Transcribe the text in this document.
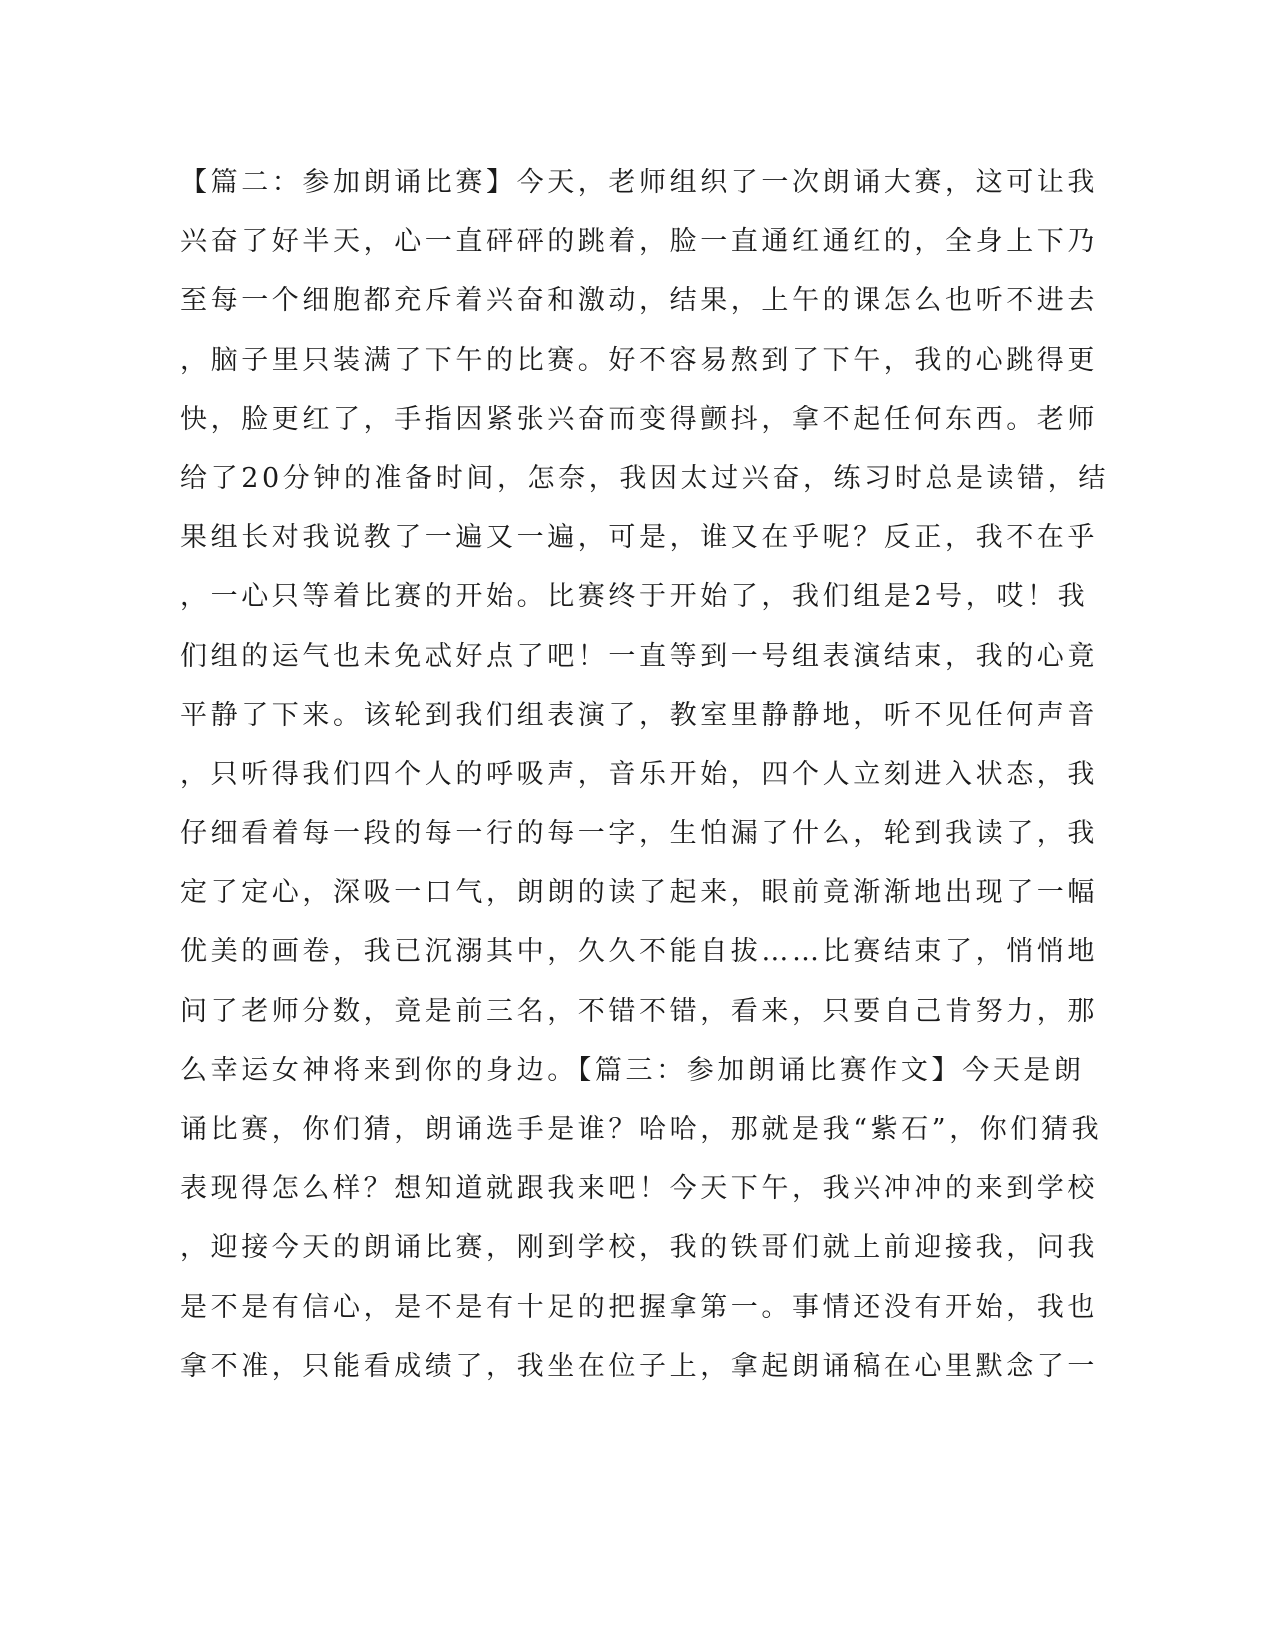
【篇二：参加朗诵比赛】今天，老师组织了一次朗诵大赛，这可让我
兴奋了好半天，心一直砰砰的跳着，脸一直通红通红的，全身上下乃
至每一个细胞都充斥着兴奋和激动，结果，上午的课怎么也听不进去
，脑子里只装满了下午的比赛。好不容易熬到了下午，我的心跳得更
快，脸更红了，手指因紧张兴奋而变得颤抖，拿不起任何东西。老师
给了20分钟的准备时间，怎奈，我因太过兴奋，练习时总是读错，结
果组长对我说教了一遍又一遍，可是，谁又在乎呢？反正，我不在乎
，一心只等着比赛的开始。比赛终于开始了，我们组是2号，哎！我
们组的运气也未免忒好点了吧！一直等到一号组表演结束，我的心竟
平静了下来。该轮到我们组表演了，教室里静静地，听不见任何声音
，只听得我们四个人的呼吸声，音乐开始，四个人立刻进入状态，我
仔细看着每一段的每一行的每一字，生怕漏了什么，轮到我读了，我
定了定心，深吸一口气，朗朗的读了起来，眼前竟渐渐地出现了一幅
优美的画卷，我已沉溺其中，久久不能自拔……比赛结束了，悄悄地
问了老师分数，竟是前三名，不错不错，看来，只要自己肯努力，那
么幸运女神将来到你的身边。【篇三：参加朗诵比赛作文】今天是朗
诵比赛，你们猜，朗诵选手是谁？哈哈，那就是我“紫石”，你们猜我
表现得怎么样？想知道就跟我来吧！今天下午，我兴冲冲的来到学校
，迎接今天的朗诵比赛，刚到学校，我的铁哥们就上前迎接我，问我
是不是有信心，是不是有十足的把握拿第一。事情还没有开始，我也
拿不准，只能看成绩了，我坐在位子上，拿起朗诵稿在心里默念了一
